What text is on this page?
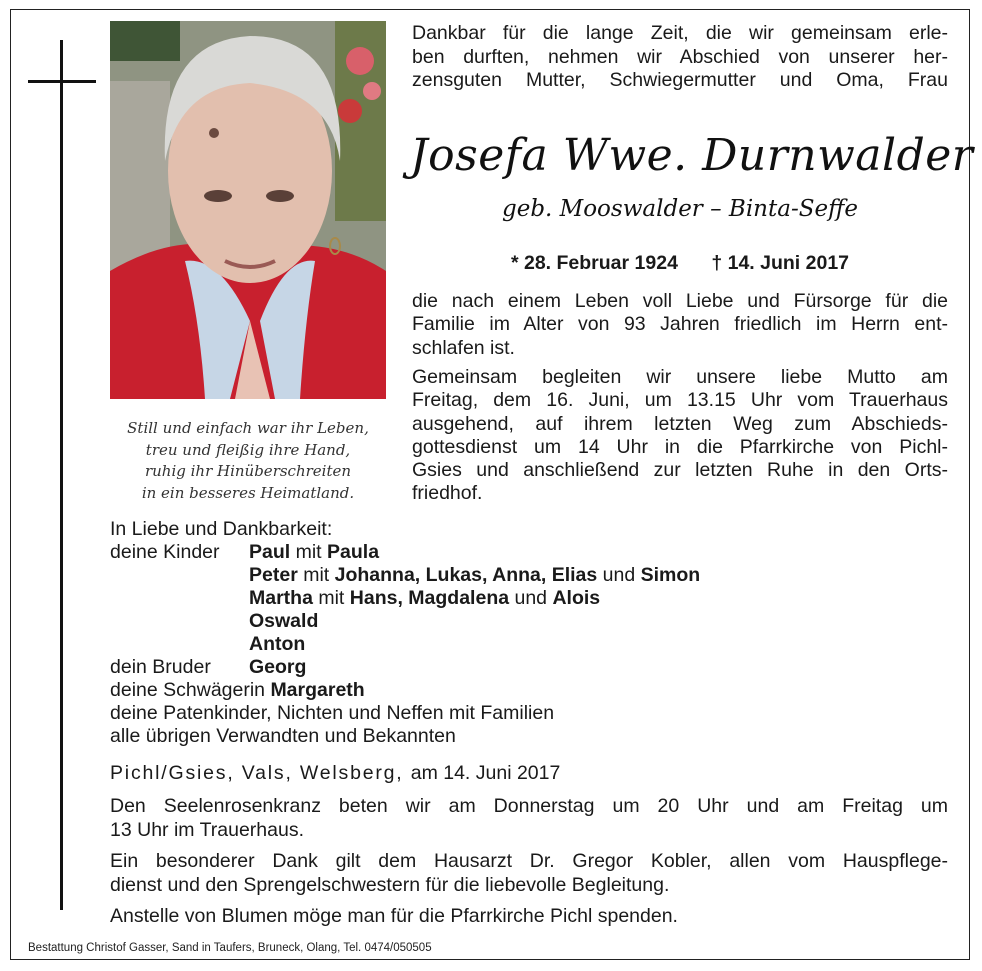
Still und einfach war ihr Leben,
treu und fleißig ihre Hand,
ruhig ihr Hinüberschreiten
in ein besseres Heimatland.
Dankbar für die lange Zeit, die wir gemeinsam erle-
ben durften, nehmen wir Abschied von unserer her-
zensguten Mutter, Schwiegermutter und Oma, Frau
Josefa Wwe. Durnwalder
geb. Mooswalder – Binta-Seffe
* 28. Februar 1924 † 14. Juni 2017
die nach einem Leben voll Liebe und Fürsorge für die
Familie im Alter von 93 Jahren friedlich im Herrn ent-
schlafen ist.
Gemeinsam begleiten wir unsere liebe Mutto am
Freitag, dem 16. Juni, um 13.15 Uhr vom Trauerhaus
ausgehend, auf ihrem letzten Weg zum Abschieds-
gottesdienst um 14 Uhr in die Pfarrkirche von Pichl-
Gsies und anschließend zur letzten Ruhe in den Orts-
friedhof.
In Liebe und Dankbarkeit:
deine Kinder Paul mit Paula
Peter mit Johanna, Lukas, Anna, Elias und Simon
Martha mit Hans, Magdalena und Alois
Oswald
Anton
dein Bruder Georg
deine Schwägerin Margareth
deine Patenkinder, Nichten und Neffen mit Familien
alle übrigen Verwandten und Bekannten
Pichl/Gsies, Vals, Welsberg, am 14. Juni 2017
Den Seelenrosenkranz beten wir am Donnerstag um 20 Uhr und am Freitag um
13 Uhr im Trauerhaus.
Ein besonderer Dank gilt dem Hausarzt Dr. Gregor Kobler, allen vom Hauspflege-
dienst und den Sprengelschwestern für die liebevolle Begleitung.
Anstelle von Blumen möge man für die Pfarrkirche Pichl spenden.
Bestattung Christof Gasser, Sand in Taufers, Bruneck, Olang, Tel. 0474/050505
